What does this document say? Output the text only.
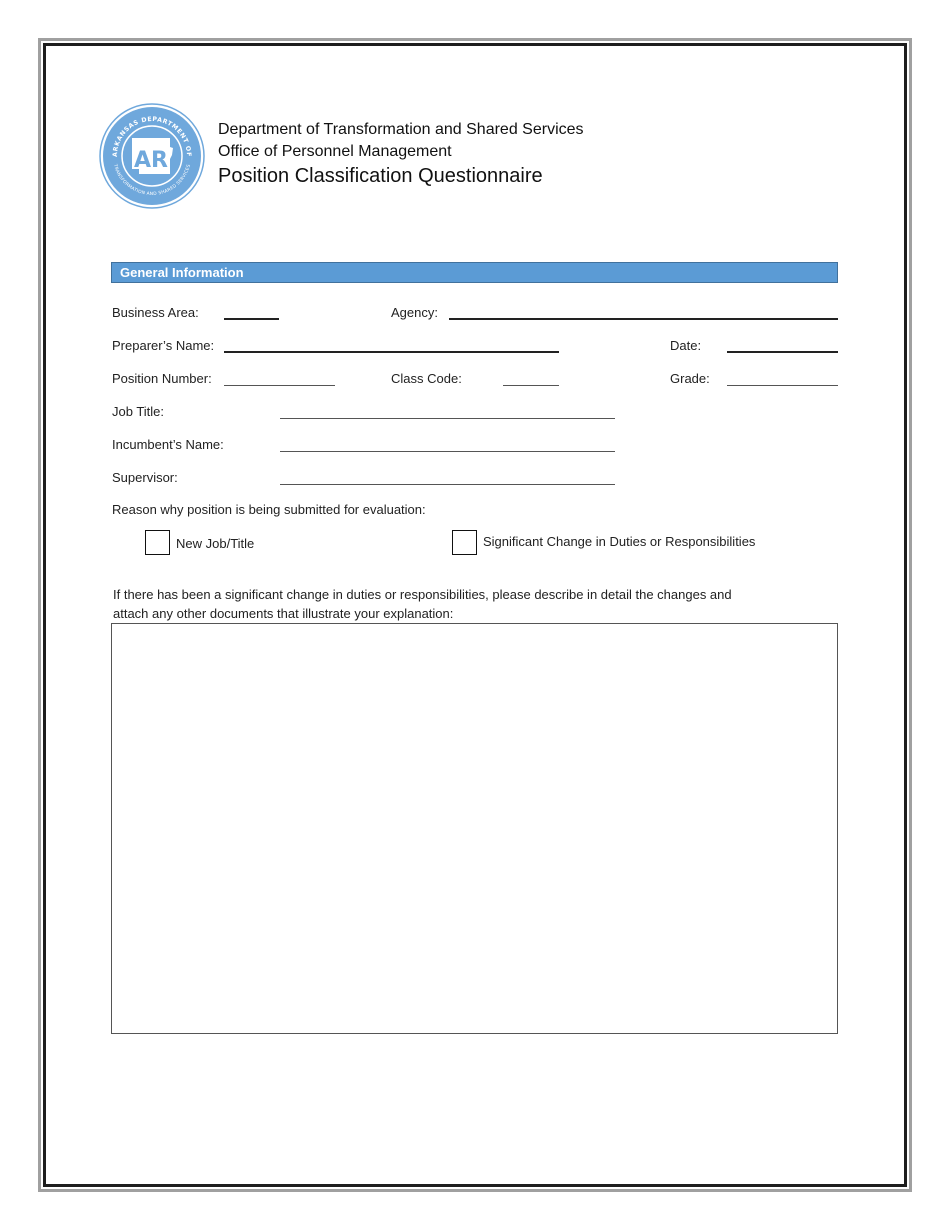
ARKANSAS DEPARTMENT OF
TRANSFORMATION AND SHARED SERVICES
AR
Department of Transformation and Shared Services
Office of Personnel Management
Position Classification Questionnaire
General Information
Business Area:	Agency:
Preparer’s Name:	Date:
Position Number:	Class Code:	Grade:
Job Title:
Incumbent’s Name:
Supervisor:
Reason why position is being submitted for evaluation:
New Job/Title	Significant Change in Duties or Responsibilities
If there has been a significant change in duties or responsibilities, please describe in detail the changes and
attach any other documents that illustrate your explanation:
